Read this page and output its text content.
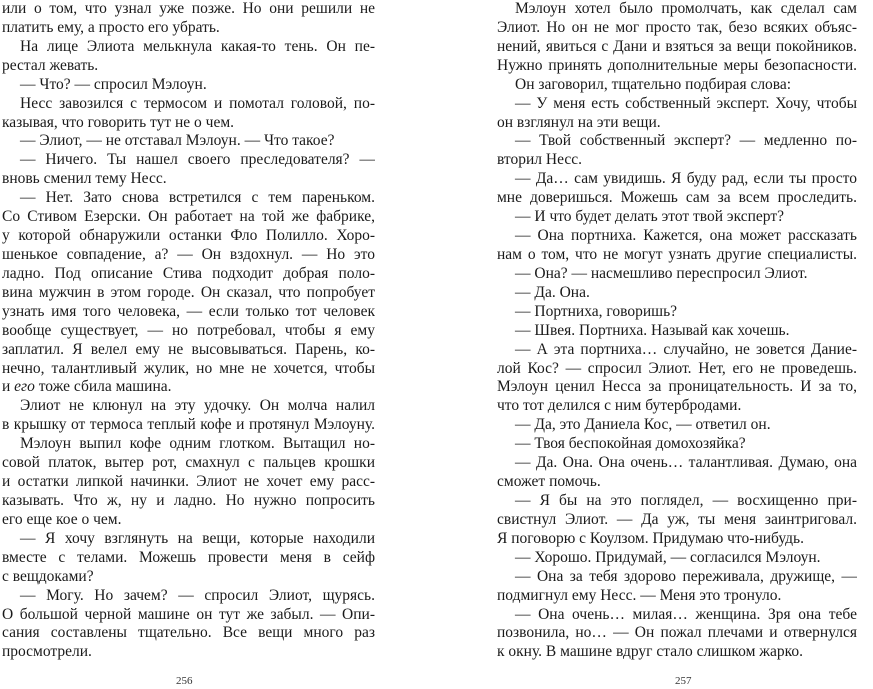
или о том, что узнал уже позже. Но они решили не
платить ему, а просто его убрать.
На лице Элиота мелькнула какая-то тень. Он пе-
рестал жевать.
— Что? — спросил Мэлоун.
Несс завозился с термосом и помотал головой, по-
казывая, что говорить тут не о чем.
— Элиот, — не отставал Мэлоун. — Что такое?
— Ничего. Ты нашел своего преследователя? —
вновь сменил тему Несс.
— Нет. Зато снова встретился с тем пареньком.
Со Стивом Езерски. Он работает на той же фабрике,
у которой обнаружили останки Фло Полилло. Хоро-
шенькое совпадение, а? — Он вздохнул. — Но это
ладно. Под описание Стива подходит добрая поло-
вина мужчин в этом городе. Он сказал, что попробует
узнать имя того человека, — если только тот человек
вообще существует, — но потребовал, чтобы я ему
заплатил. Я велел ему не высовываться. Парень, ко-
нечно, талантливый жулик, но мне не хочется, чтобы
и его тоже сбила машина.
Элиот не клюнул на эту удочку. Он молча налил
в крышку от термоса теплый кофе и протянул Мэлоуну.
Мэлоун выпил кофе одним глотком. Вытащил но-
совой платок, вытер рот, смахнул с пальцев крошки
и остатки липкой начинки. Элиот не хочет ему расс-
казывать. Что ж, ну и ладно. Но нужно попросить
его еще кое о чем.
— Я хочу взглянуть на вещи, которые находили
вместе с телами. Можешь провести меня в сейф
с вещдоками?
— Могу. Но зачем? — спросил Элиот, щурясь.
О большой черной машине он тут же забыл. — Опи-
сания составлены тщательно. Все вещи много раз
просмотрели.
256
Мэлоун хотел было промолчать, как сделал сам
Элиот. Но он не мог просто так, безо всяких объяс-
нений, явиться с Дани и взяться за вещи покойников.
Нужно принять дополнительные меры безопасности.
Он заговорил, тщательно подбирая слова:
— У меня есть собственный эксперт. Хочу, чтобы
он взглянул на эти вещи.
— Твой собственный эксперт? — медленно по-
вторил Несс.
— Да… сам увидишь. Я буду рад, если ты просто
мне доверишься. Можешь сам за всем проследить.
— И что будет делать этот твой эксперт?
— Она портниха. Кажется, она может рассказать
нам о том, что не могут узнать другие специалисты.
— Она? — насмешливо переспросил Элиот.
— Да. Она.
— Портниха, говоришь?
— Швея. Портниха. Называй как хочешь.
— А эта портниха… случайно, не зовется Даниe-
лой Кос? — спросил Элиот. Нет, его не проведешь.
Мэлоун ценил Несса за проницательность. И за то,
что тот делился с ним бутербродами.
— Да, это Даниела Кос, — ответил он.
— Твоя беспокойная домохозяйка?
— Да. Она. Она очень… талантливая. Думаю, она
сможет помочь.
— Я бы на это поглядел, — восхищенно при-
свистнул Элиот. — Да уж, ты меня заинтриговал.
Я поговорю с Коулзом. Придумаю что-нибудь.
— Хорошо. Придумай, — согласился Мэлоун.
— Она за тебя здорово переживала, дружище, —
подмигнул ему Несс. — Меня это тронуло.
— Она очень… милая… женщина. Зря она тебе
позвонила, но… — Он пожал плечами и отвернулся
к окну. В машине вдруг стало слишком жарко.
257
